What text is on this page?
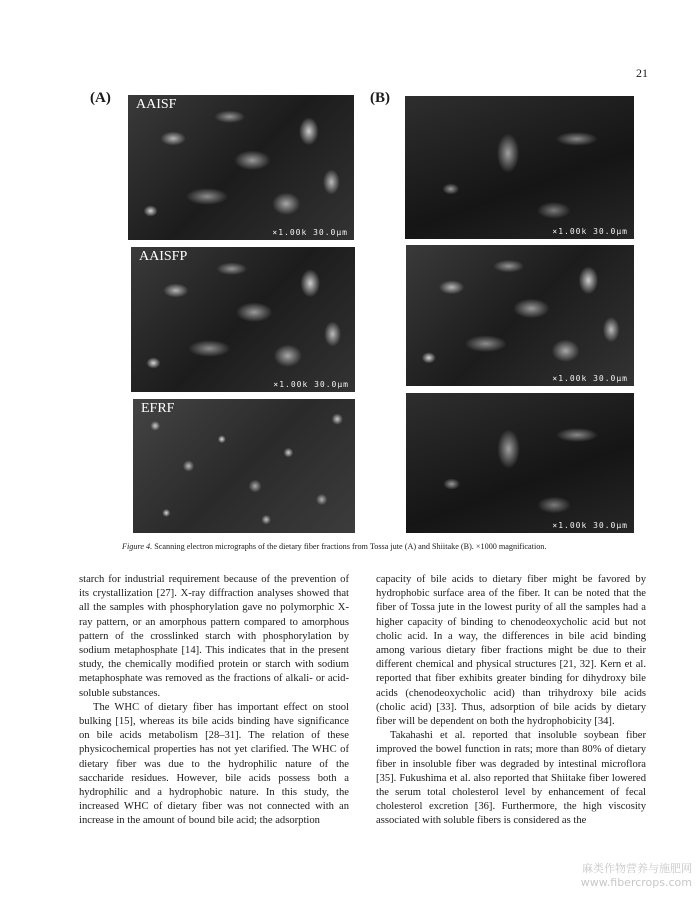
21
(A)	(B)
AAISF
×1.00k 30.0μm
AAISFP
×1.00k 30.0μm
EFRF
×1.00k 30.0μm
×1.00k 30.0μm
×1.00k 30.0μm
Figure 4. Scanning electron micrographs of the dietary fiber fractions from Tossa jute (A) and Shiitake (B). ×1000 magnification.

starch for industrial requirement because of the prevention of its crystallization [27]. X-ray diffraction analyses showed that all the samples with phosphorylation gave no polymorphic X-ray pattern, or an amorphous pattern compared to amorphous pattern of the crosslinked starch with phosphorylation by sodium metaphosphate [14]. This indicates that in the present study, the chemically modified protein or starch with sodium metaphosphate was removed as the fractions of alkali- or acid-soluble substances.

The WHC of dietary fiber has important effect on stool bulking [15], whereas its bile acids binding have significance on bile acids metabolism [28–31]. The relation of these physicochemical properties has not yet clarified. The WHC of dietary fiber was due to the hydrophilic nature of the saccharide residues. However, bile acids possess both a hydrophilic and a hydrophobic nature. In this study, the increased WHC of dietary fiber was not connected with an increase in the amount of bound bile acid; the adsorption

capacity of bile acids to dietary fiber might be favored by hydrophobic surface area of the fiber. It can be noted that the fiber of Tossa jute in the lowest purity of all the samples had a higher capacity of binding to chenodeoxycholic acid but not cholic acid. In a way, the differences in bile acid binding among various dietary fiber fractions might be due to their different chemical and physical structures [21, 32]. Kern et al. reported that fiber exhibits greater binding for dihydroxy bile acids (chenodeoxycholic acid) than trihydroxy bile acids (cholic acid) [33]. Thus, adsorption of bile acids by dietary fiber will be dependent on both the hydrophobicity [34].

Takahashi et al. reported that insoluble soybean fiber improved the bowel function in rats; more than 80% of dietary fiber in insoluble fiber was degraded by intestinal microflora [35]. Fukushima et al. also reported that Shiitake fiber lowered the serum total cholesterol level by enhancement of fecal cholesterol excretion [36]. Furthermore, the high viscosity associated with soluble fibers is considered as the

麻类作物营养与施肥网
www.fibercrops.com
